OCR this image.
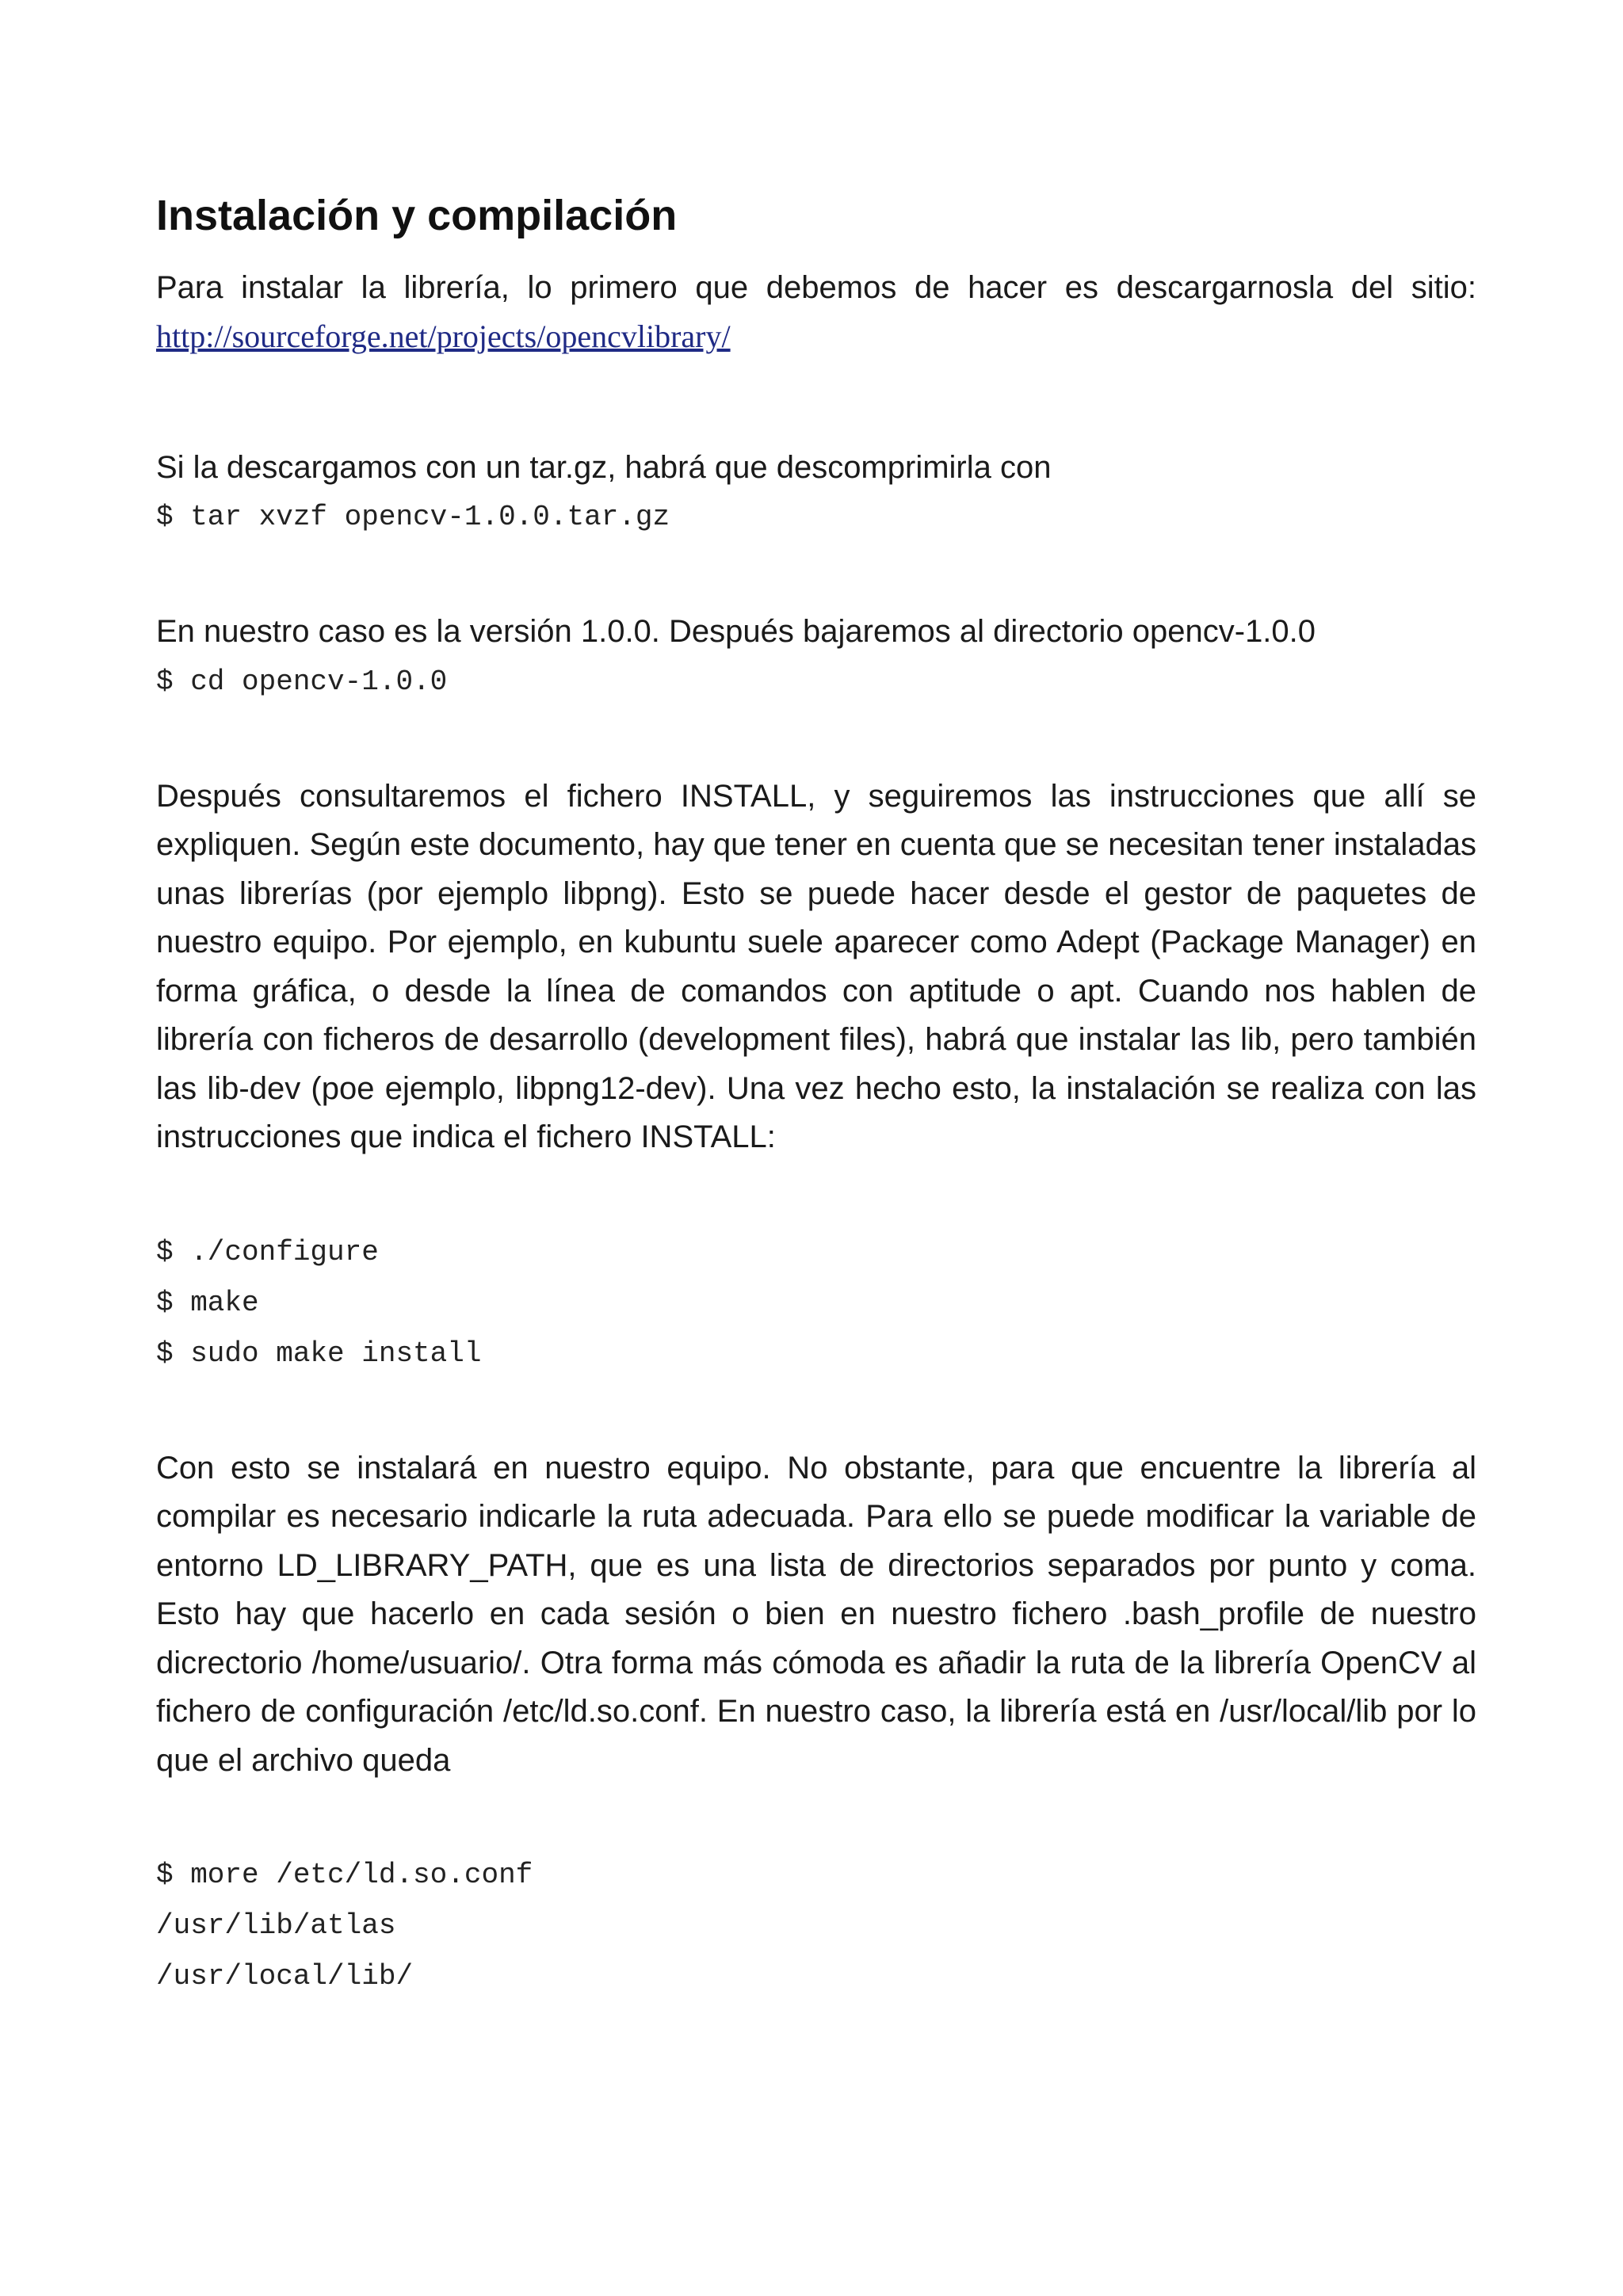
Instalación y compilación

Para instalar la librería, lo primero que debemos de hacer es descargarnosla del sitio: http://sourceforge.net/projects/opencvlibrary/

Si la descargamos con un tar.gz, habrá que descomprimirla con

$ tar xvzf opencv-1.0.0.tar.gz

En nuestro caso es la versión 1.0.0. Después bajaremos al directorio opencv-1.0.0

$ cd opencv-1.0.0

Después consultaremos el fichero INSTALL, y seguiremos las instrucciones que allí se expliquen. Según este documento, hay que tener en cuenta que se necesitan tener instaladas unas librerías (por ejemplo libpng). Esto se puede hacer desde el gestor de paquetes de nuestro equipo. Por ejemplo, en kubuntu suele aparecer como Adept (Package Manager) en forma gráfica, o desde la línea de comandos con aptitude o apt. Cuando nos hablen de librería con ficheros de desarrollo (development files), habrá que instalar las lib, pero también las lib-dev (poe ejemplo, libpng12-dev). Una vez hecho esto, la instalación se realiza con las instrucciones que indica el fichero INSTALL:

$ ./configure

$ make

$ sudo make install

Con esto se instalará en nuestro equipo. No obstante, para que encuentre la librería al compilar es necesario indicarle la ruta adecuada. Para ello se puede modificar la variable de entorno LD_LIBRARY_PATH, que es una lista de directorios separados por punto y coma. Esto hay que hacerlo en cada sesión o bien en nuestro fichero .bash_profile de nuestro dicrectorio /home/usuario/. Otra forma más cómoda es añadir la ruta de la librería OpenCV al fichero de configuración /etc/ld.so.conf. En nuestro caso, la librería está en /usr/local/lib por lo que el archivo queda

$ more /etc/ld.so.conf

/usr/lib/atlas

/usr/local/lib/
